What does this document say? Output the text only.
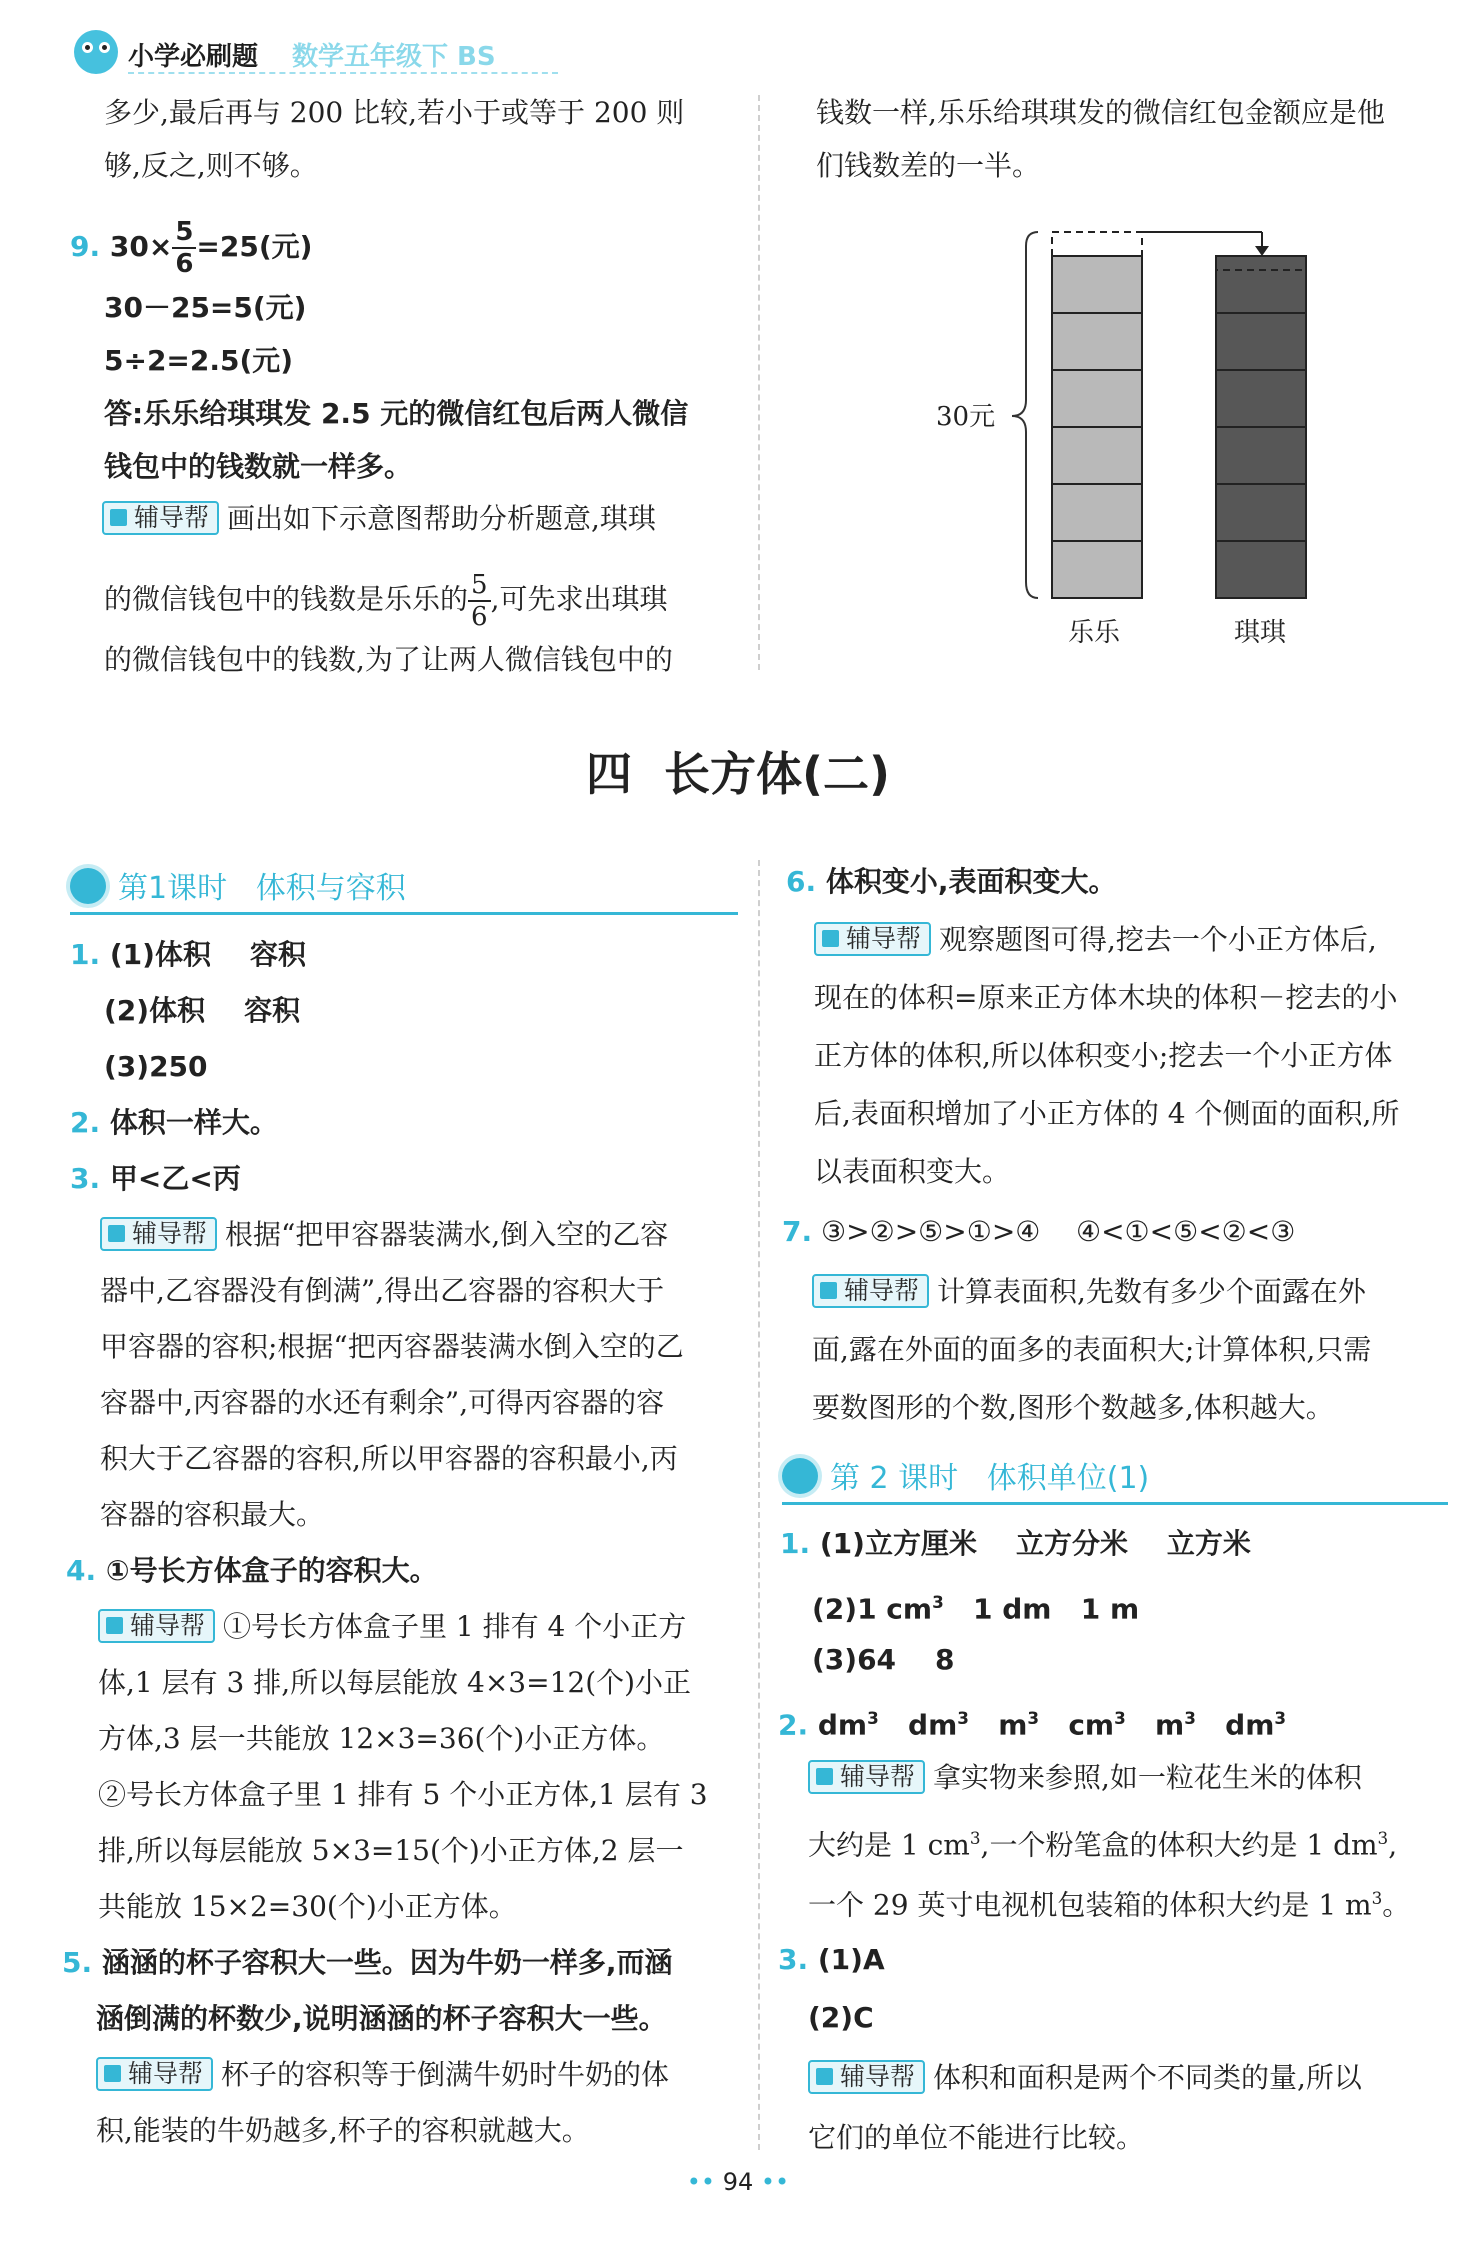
小学必刷题 数学五年级下 BS
多少,最后再与 200 比较,若小于或等于 200 则
够,反之,则不够。
9. $30\times \frac{5}{6} =25$(元)
30－25=5(元)
5÷2=2.5(元)
答:乐乐给琪琪发 2.5 元的微信红包后两人微信
钱包中的钱数就一样多。
辅导帮 画出如下示意图帮助分析题意,琪琪
的微信钱包中的钱数是乐乐的 $\frac{5}{6}$ ,可先求出琪琪
的微信钱包中的钱数,为了让两人微信钱包中的
钱数一样,乐乐给琪琪发的微信红包金额应是他
们钱数差的一半。
30元
乐乐	琪琪
四  长方体(二)
第1课时   体积与容积
1. (1)体积    容积
(2)体积    容积
(3)250
2. 体积一样大。
3. 甲<乙<丙
辅导帮 根据“把甲容器装满水,倒入空的乙容
器中,乙容器没有倒满”,得出乙容器的容积大于
甲容器的容积;根据“把丙容器装满水倒入空的乙
容器中,丙容器的水还有剩余”,可得丙容器的容
积大于乙容器的容积,所以甲容器的容积最小,丙
容器的容积最大。
4. ①号长方体盒子的容积大。
辅导帮 ①号长方体盒子里 1 排有 4 个小正方
体,1 层有 3 排,所以每层能放 4×3=12(个)小正
方体,3 层一共能放 12×3=36(个)小正方体。
②号长方体盒子里 1 排有 5 个小正方体,1 层有 3
排,所以每层能放 5×3=15(个)小正方体,2 层一
共能放 15×2=30(个)小正方体。
5. 涵涵的杯子容积大一些。因为牛奶一样多,而涵
涵倒满的杯数少,说明涵涵的杯子容积大一些。
辅导帮 杯子的容积等于倒满牛奶时牛奶的体
积,能装的牛奶越多,杯子的容积就越大。
6. 体积变小,表面积变大。
辅导帮 观察题图可得,挖去一个小正方体后,
现在的体积=原来正方体木块的体积－挖去的小
正方体的体积,所以体积变小;挖去一个小正方体
后,表面积增加了小正方体的 4 个侧面的面积,所
以表面积变大。
7. ③>②>⑤>①>④    ④<①<⑤<②<③
辅导帮 计算表面积,先数有多少个面露在外
面,露在外面的面多的表面积大;计算体积,只需
要数图形的个数,图形个数越多,体积越大。
第 2 课时   体积单位(1)
1. (1)立方厘米    立方分米    立方米
(2)1 $cm^3$   1 dm   1 m
(3)64    8
2. $dm^3$ $dm^3$ $m^3$ $cm^3$ $m^3$ $dm^3$
辅导帮 拿实物来参照,如一粒花生米的体积
大约是 1 $cm^3$,一个粉笔盒的体积大约是 1 $dm^3$,
一个 29 英寸电视机包装箱的体积大约是 1 $m^3$。
3. (1)A
(2)C
辅导帮 体积和面积是两个不同类的量,所以
它们的单位不能进行比较。
•• 94 ••
